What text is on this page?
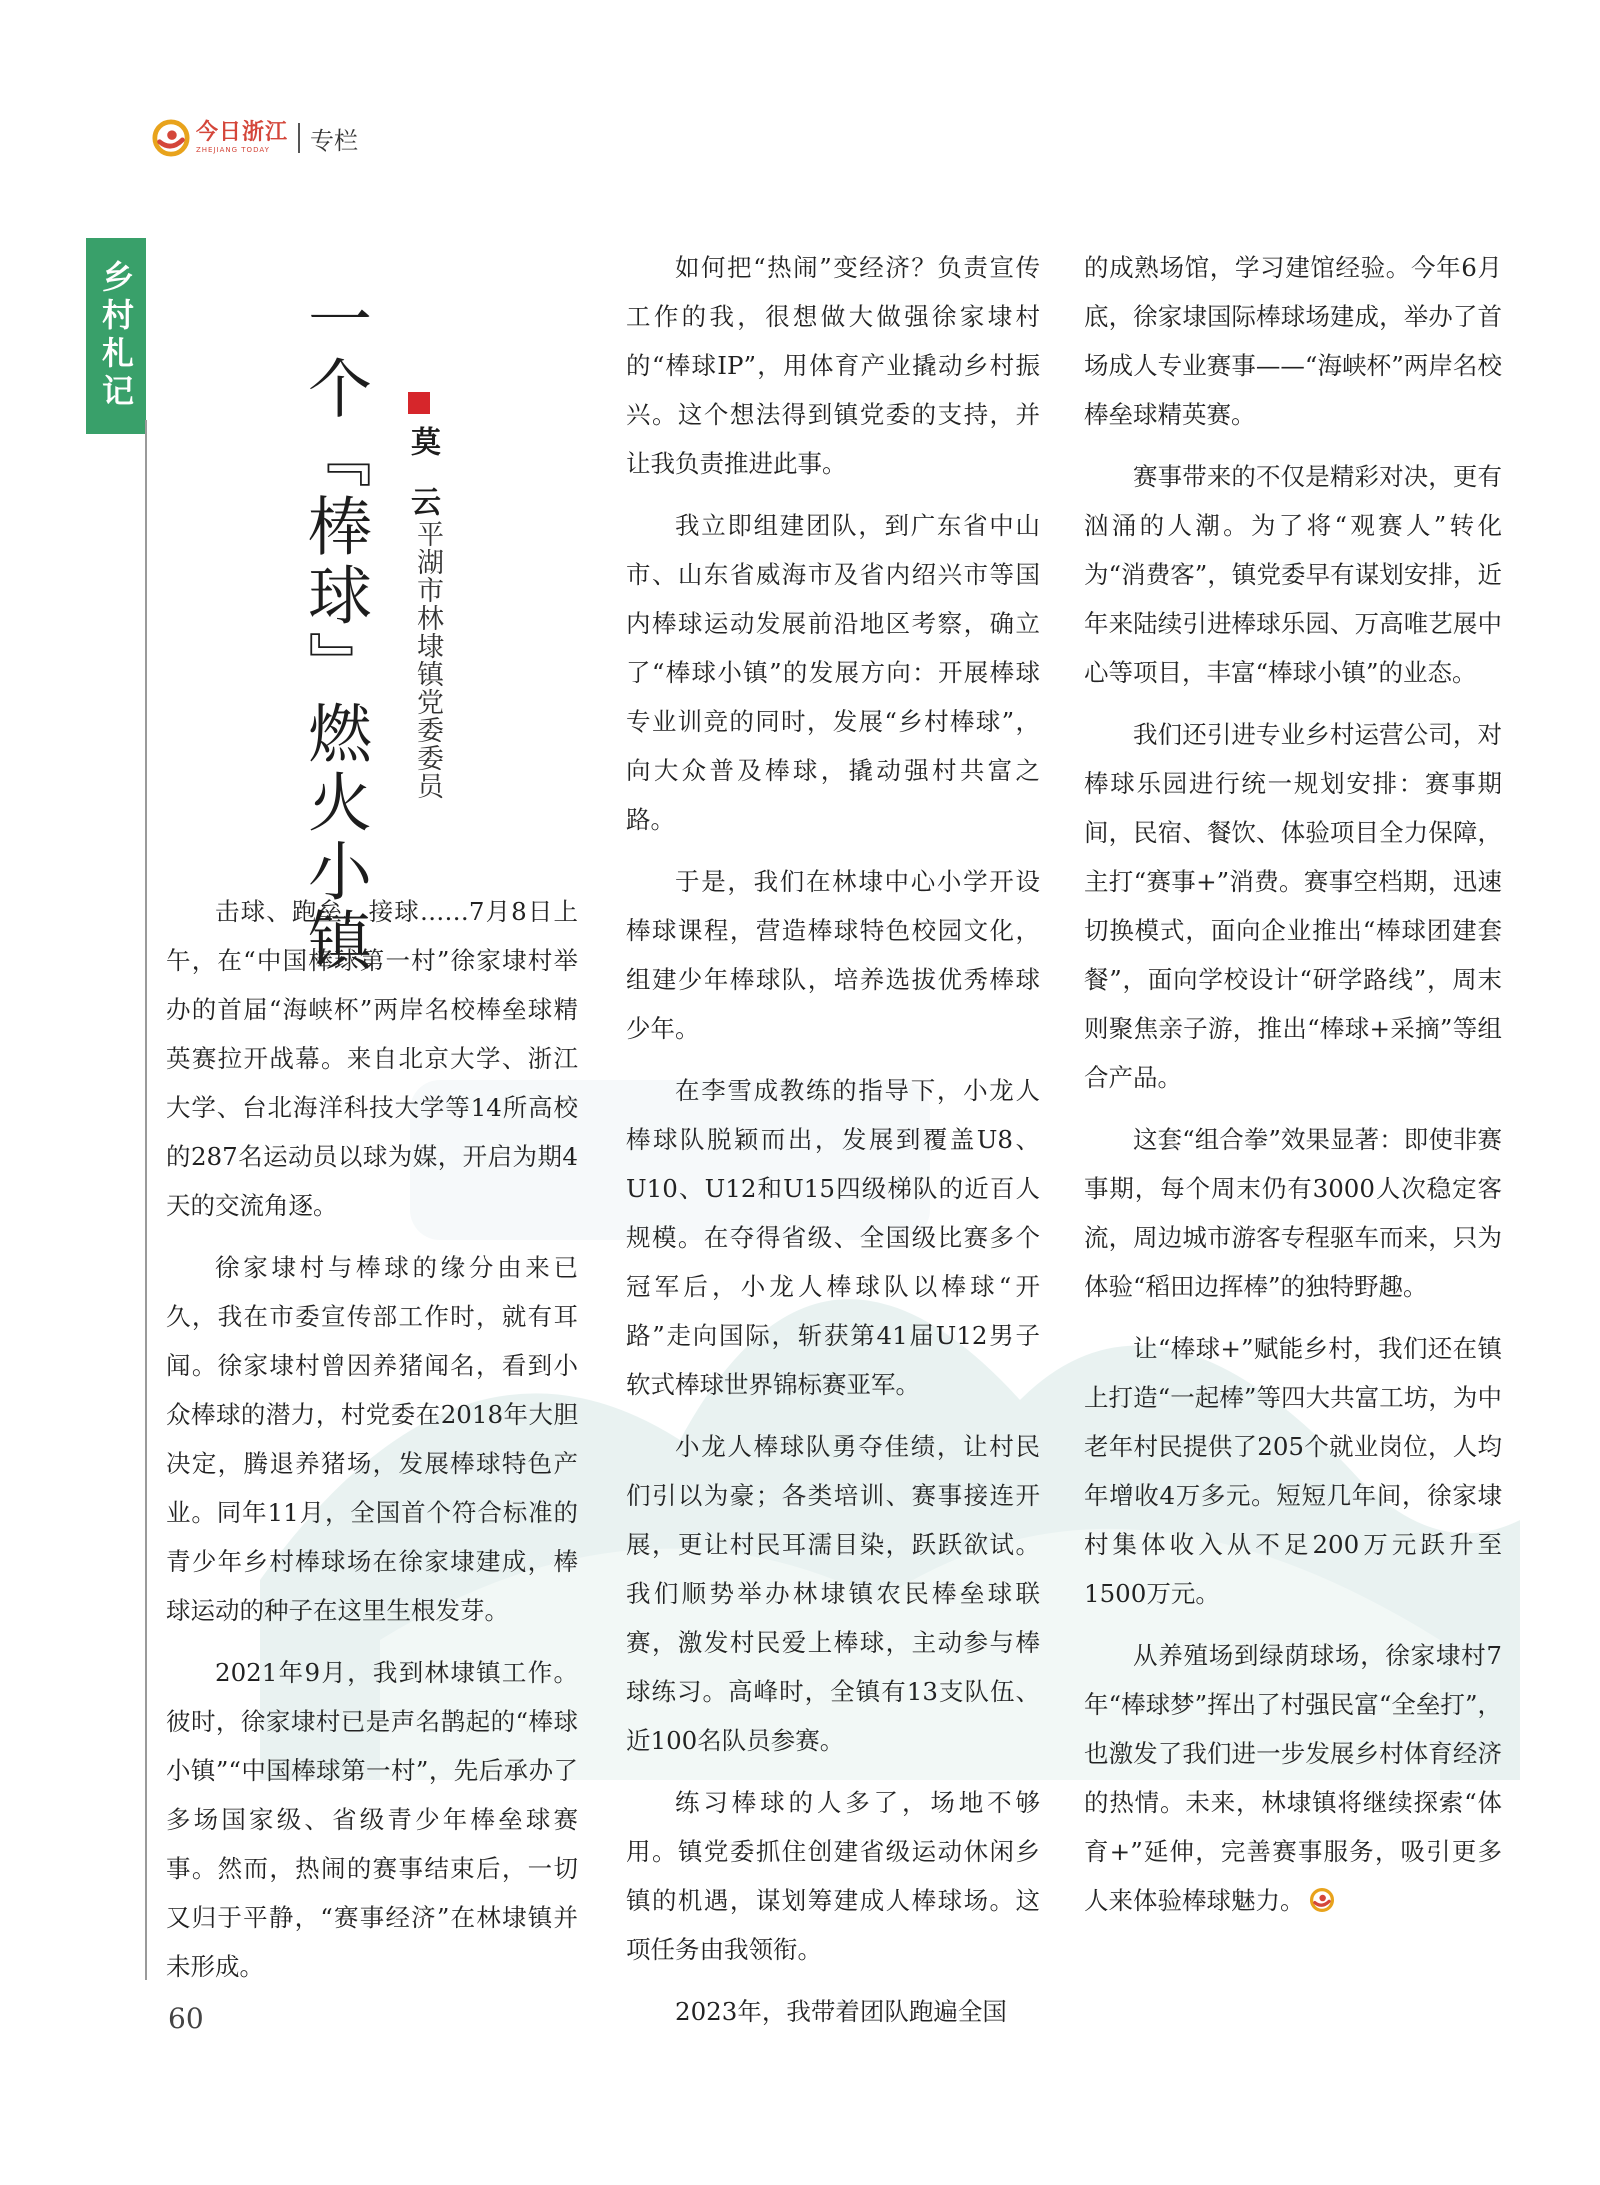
今日浙江
ZHEJIANG TODAY	专栏
乡村札记	一个『棒球』燃火小镇 莫云
平湖市林埭镇党委委员

击球、跑垒、接球……7月8日上午，在“中国棒球第一村”徐家埭村举办的首届“海峡杯”两岸名校棒垒球精英赛拉开战幕。来自北京大学、浙江大学、台北海洋科技大学等14所高校的287名运动员以球为媒，开启为期4天的交流角逐。

徐家埭村与棒球的缘分由来已久，我在市委宣传部工作时，就有耳闻。徐家埭村曾因养猪闻名，看到小众棒球的潜力，村党委在2018年大胆决定，腾退养猪场，发展棒球特色产业。同年11月，全国首个符合标准的青少年乡村棒球场在徐家埭建成，棒球运动的种子在这里生根发芽。

2021年9月，我到林埭镇工作。彼时，徐家埭村已是声名鹊起的“棒球小镇”“中国棒球第一村”，先后承办了多场国家级、省级青少年棒垒球赛事。然而，热闹的赛事结束后，一切又归于平静，“赛事经济”在林埭镇并未形成。

如何把“热闹”变经济？负责宣传工作的我，很想做大做强徐家埭村的“棒球IP”，用体育产业撬动乡村振兴。这个想法得到镇党委的支持，并让我负责推进此事。

我立即组建团队，到广东省中山市、山东省威海市及省内绍兴市等国内棒球运动发展前沿地区考察，确立了“棒球小镇”的发展方向：开展棒球专业训竞的同时，发展“乡村棒球”，向大众普及棒球，撬动强村共富之路。

于是，我们在林埭中心小学开设棒球课程，营造棒球特色校园文化，组建少年棒球队，培养选拔优秀棒球少年。

在李雪成教练的指导下，小龙人棒球队脱颖而出，发展到覆盖U8、U10、U12和U15四级梯队的近百人规模。在夺得省级、全国级比赛多个冠军后，小龙人棒球队以棒球“开路”走向国际，斩获第41届U12男子软式棒球世界锦标赛亚军。

小龙人棒球队勇夺佳绩，让村民们引以为豪；各类培训、赛事接连开展，更让村民耳濡目染，跃跃欲试。我们顺势举办林埭镇农民棒垒球联赛，激发村民爱上棒球，主动参与棒球练习。高峰时，全镇有13支队伍、近100名队员参赛。

练习棒球的人多了，场地不够用。镇党委抓住创建省级运动休闲乡镇的机遇，谋划筹建成人棒球场。这项任务由我领衔。

2023年，我带着团队跑遍全国

的成熟场馆，学习建馆经验。今年6月底，徐家埭国际棒球场建成，举办了首场成人专业赛事——“海峡杯”两岸名校棒垒球精英赛。

赛事带来的不仅是精彩对决，更有汹涌的人潮。为了将“观赛人”转化为“消费客”，镇党委早有谋划安排，近年来陆续引进棒球乐园、万高唯艺展中心等项目，丰富“棒球小镇”的业态。

我们还引进专业乡村运营公司，对棒球乐园进行统一规划安排：赛事期间，民宿、餐饮、体验项目全力保障，主打“赛事+”消费。赛事空档期，迅速切换模式，面向企业推出“棒球团建套餐”，面向学校设计“研学路线”，周末则聚焦亲子游，推出“棒球+采摘”等组合产品。

这套“组合拳”效果显著：即使非赛事期，每个周末仍有3000人次稳定客流，周边城市游客专程驱车而来，只为体验“稻田边挥棒”的独特野趣。

让“棒球+”赋能乡村，我们还在镇上打造“一起棒”等四大共富工坊，为中老年村民提供了205个就业岗位，人均年增收4万多元。短短几年间，徐家埭村集体收入从不足200万元跃升至1500万元。

从养殖场到绿荫球场，徐家埭村7年“棒球梦”挥出了村强民富“全垒打”，也激发了我们进一步发展乡村体育经济的热情。未来，林埭镇将继续探索“体育+”延伸，完善赛事服务，吸引更多人来体验棒球魅力。

60
